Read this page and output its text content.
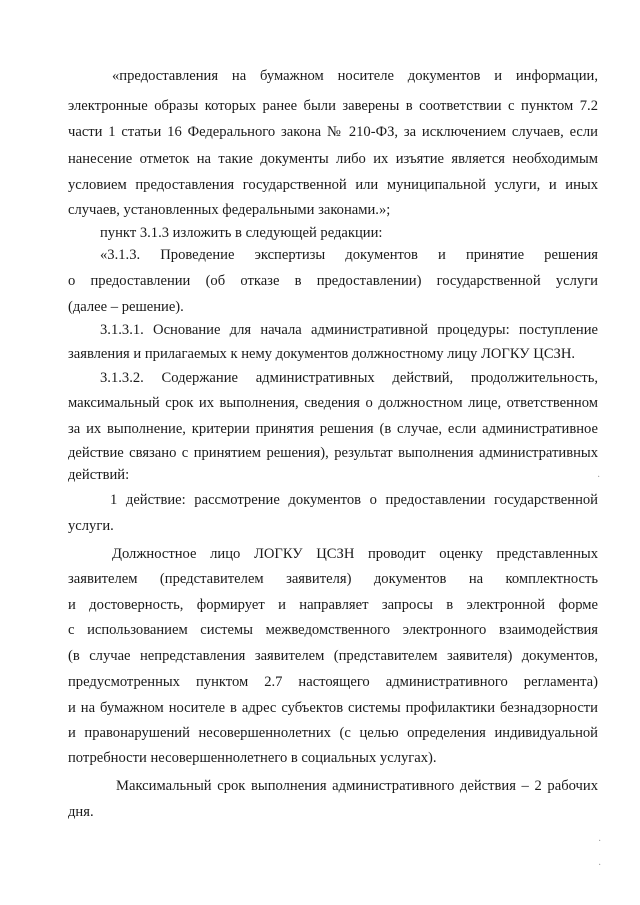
«предоставления на бумажном носителе документов и информации,
электронные образы которых ранее были заверены в соответствии с пунктом 7.2
части 1 статьи 16 Федерального закона № 210-ФЗ, за исключением случаев, если
нанесение отметок на такие документы либо их изъятие является необходимым
условием предоставления государственной или муниципальной услуги, и иных
случаев, установленных федеральными законами.»;
пункт 3.1.3 изложить в следующей редакции:
«3.1.3. Проведение экспертизы документов и принятие решения
о предоставлении (об отказе в предоставлении) государственной услуги
(далее – решение).
3.1.3.1. Основание для начала административной процедуры: поступление
заявления и прилагаемых к нему документов должностному лицу ЛОГКУ ЦСЗН.
3.1.3.2. Содержание административных действий, продолжительность,
максимальный срок их выполнения, сведения о должностном лице, ответственном
за их выполнение, критерии принятия решения (в случае, если административное
действие связано с принятием решения), результат выполнения административных
действий:
1 действие: рассмотрение документов о предоставлении государственной
услуги.
Должностное лицо ЛОГКУ ЦСЗН проводит оценку представленных
заявителем (представителем заявителя) документов на комплектность
и достоверность, формирует и направляет запросы в электронной форме
с использованием системы межведомственного электронного взаимодействия
(в случае непредставления заявителем (представителем заявителя) документов,
предусмотренных пунктом 2.7 настоящего административного регламента)
и на бумажном носителе в адрес субъектов системы профилактики безнадзорности
и правонарушений несовершеннолетних (с целью определения индивидуальной
потребности несовершеннолетнего в социальных услугах).
Максимальный срок выполнения административного действия – 2 рабочих
дня.
·
·
·
